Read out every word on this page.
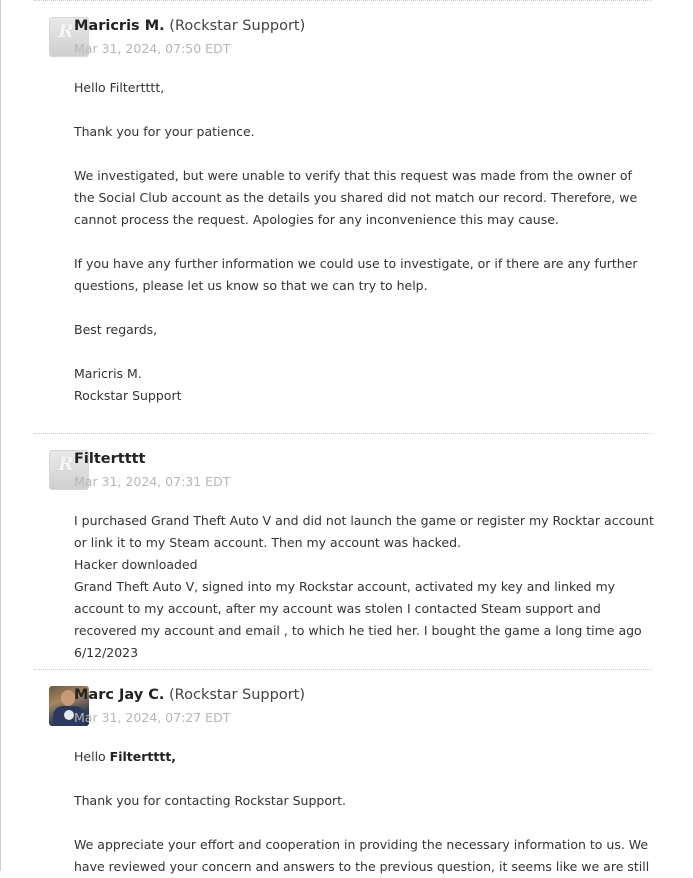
R Maricris M. (Rockstar Support)
Mar 31, 2024, 07:50 EDT

Hello Filtertttt,

Thank you for your patience.

We investigated, but were unable to verify that this request was made from the owner of the Social Club account as the details you shared did not match our record. Therefore, we cannot process the request. Apologies for any inconvenience this may cause.

If you have any further information we could use to investigate, or if there are any further questions, please let us know so that we can try to help.

Best regards,

Maricris M.

Rockstar Support

R Filtertttt
Mar 31, 2024, 07:31 EDT
I purchased Grand Theft Auto V and did not launch the game or register my Rocktar account or link it to my Steam account. Then my account was hacked.
Hacker downloaded
Grand Theft Auto V, signed into my Rockstar account, activated my key and linked my account to my account, after my account was stolen I contacted Steam support and recovered my account and email , to which he tied her. I bought the game a long time ago 6/12/2023
Marc Jay C. (Rockstar Support)
Mar 31, 2024, 07:27 EDT

Hello Filtertttt,

Thank you for contacting Rockstar Support.

We appreciate your effort and cooperation in providing the necessary information to us. We have reviewed your concern and answers to the previous question, it seems like we are still
